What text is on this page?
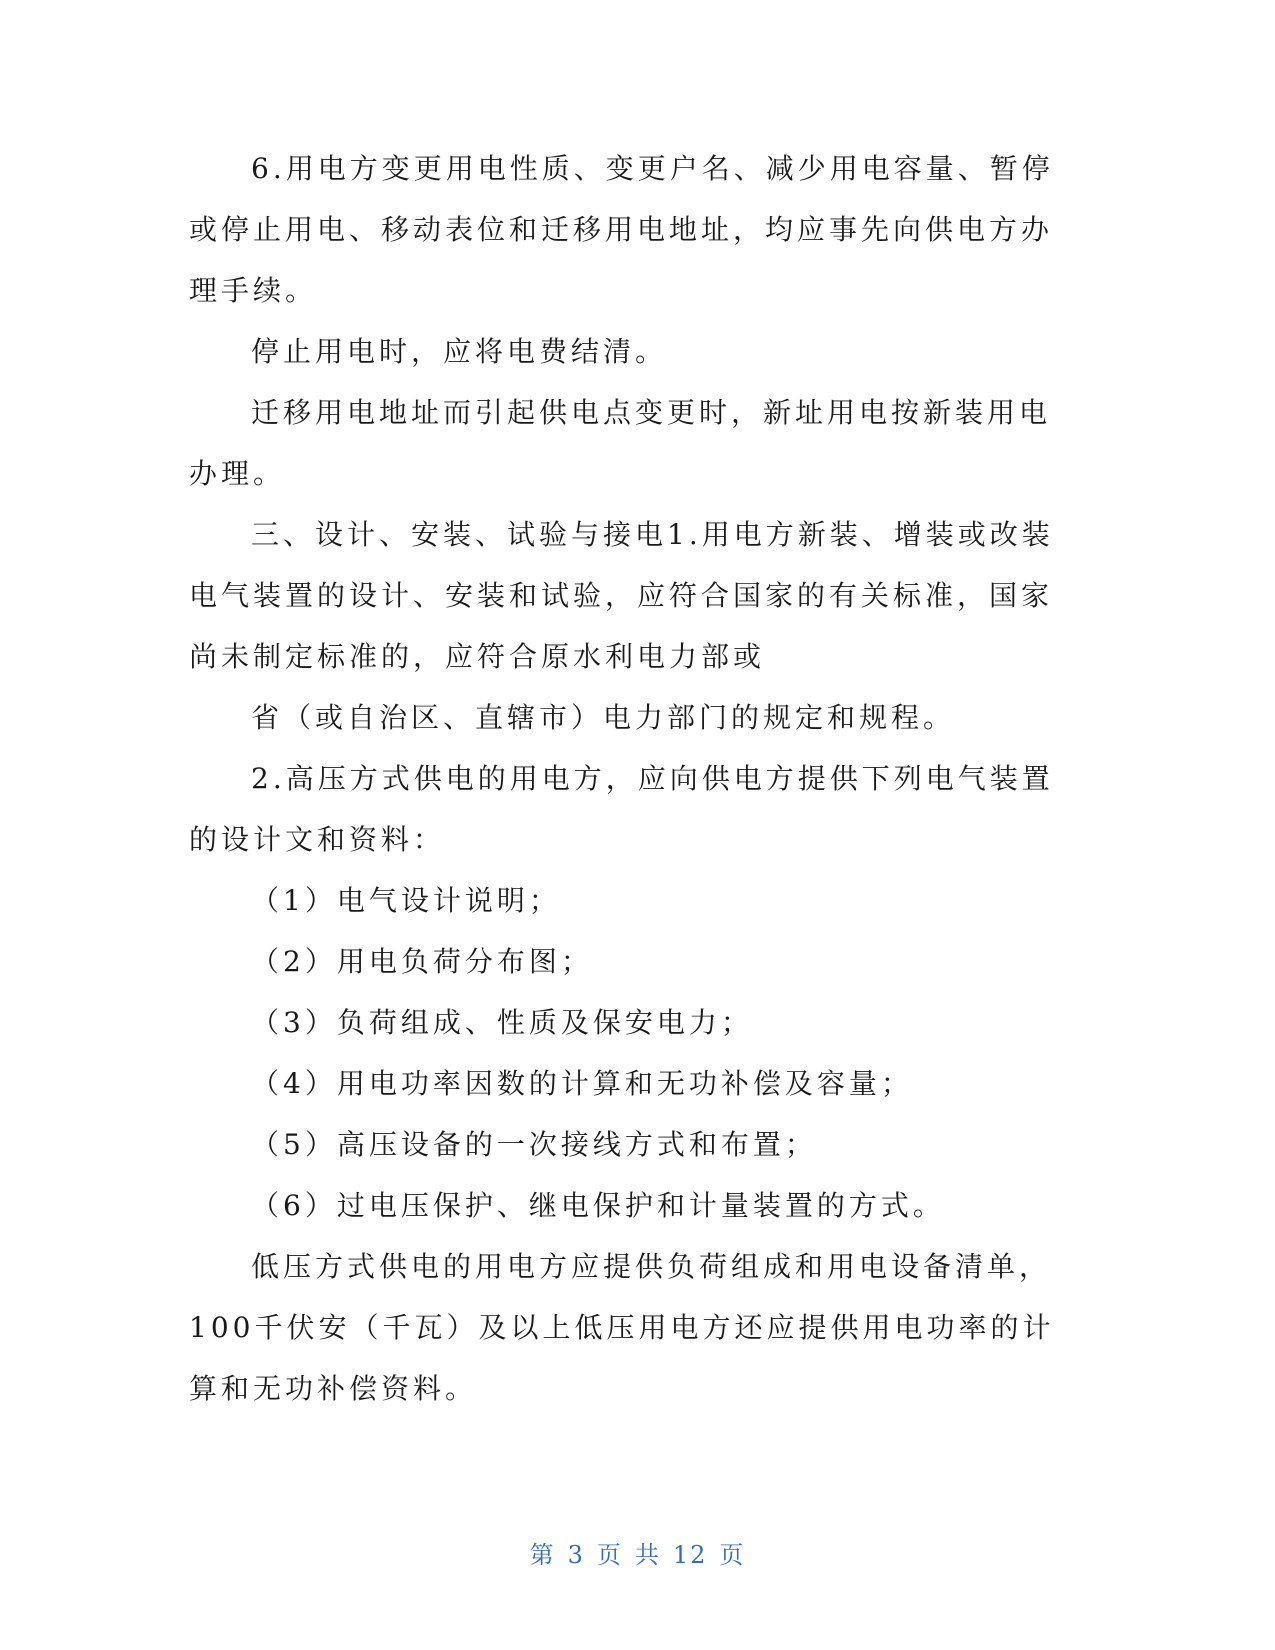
6.用电方变更用电性质、变更户名、减少用电容量、暂停或停止用电、移动表位和迁移用电地址，均应事先向供电方办理手续。

停止用电时，应将电费结清。

迁移用电地址而引起供电点变更时，新址用电按新装用电办理。

三、设计、安装、试验与接电1.用电方新装、增装或改装电气装置的设计、安装和试验，应符合国家的有关标准，国家尚未制定标准的，应符合原水利电力部或

省（或自治区、直辖市）电力部门的规定和规程。

2.高压方式供电的用电方，应向供电方提供下列电气装置的设计文和资料：

（1）电气设计说明；

（2）用电负荷分布图；

（3）负荷组成、性质及保安电力；

（4）用电功率因数的计算和无功补偿及容量；

（5）高压设备的一次接线方式和布置；

（6）过电压保护、继电保护和计量装置的方式。

低压方式供电的用电方应提供负荷组成和用电设备清单，100千伏安（千瓦）及以上低压用电方还应提供用电功率的计算和无功补偿资料。

第 3 页 共 12 页
